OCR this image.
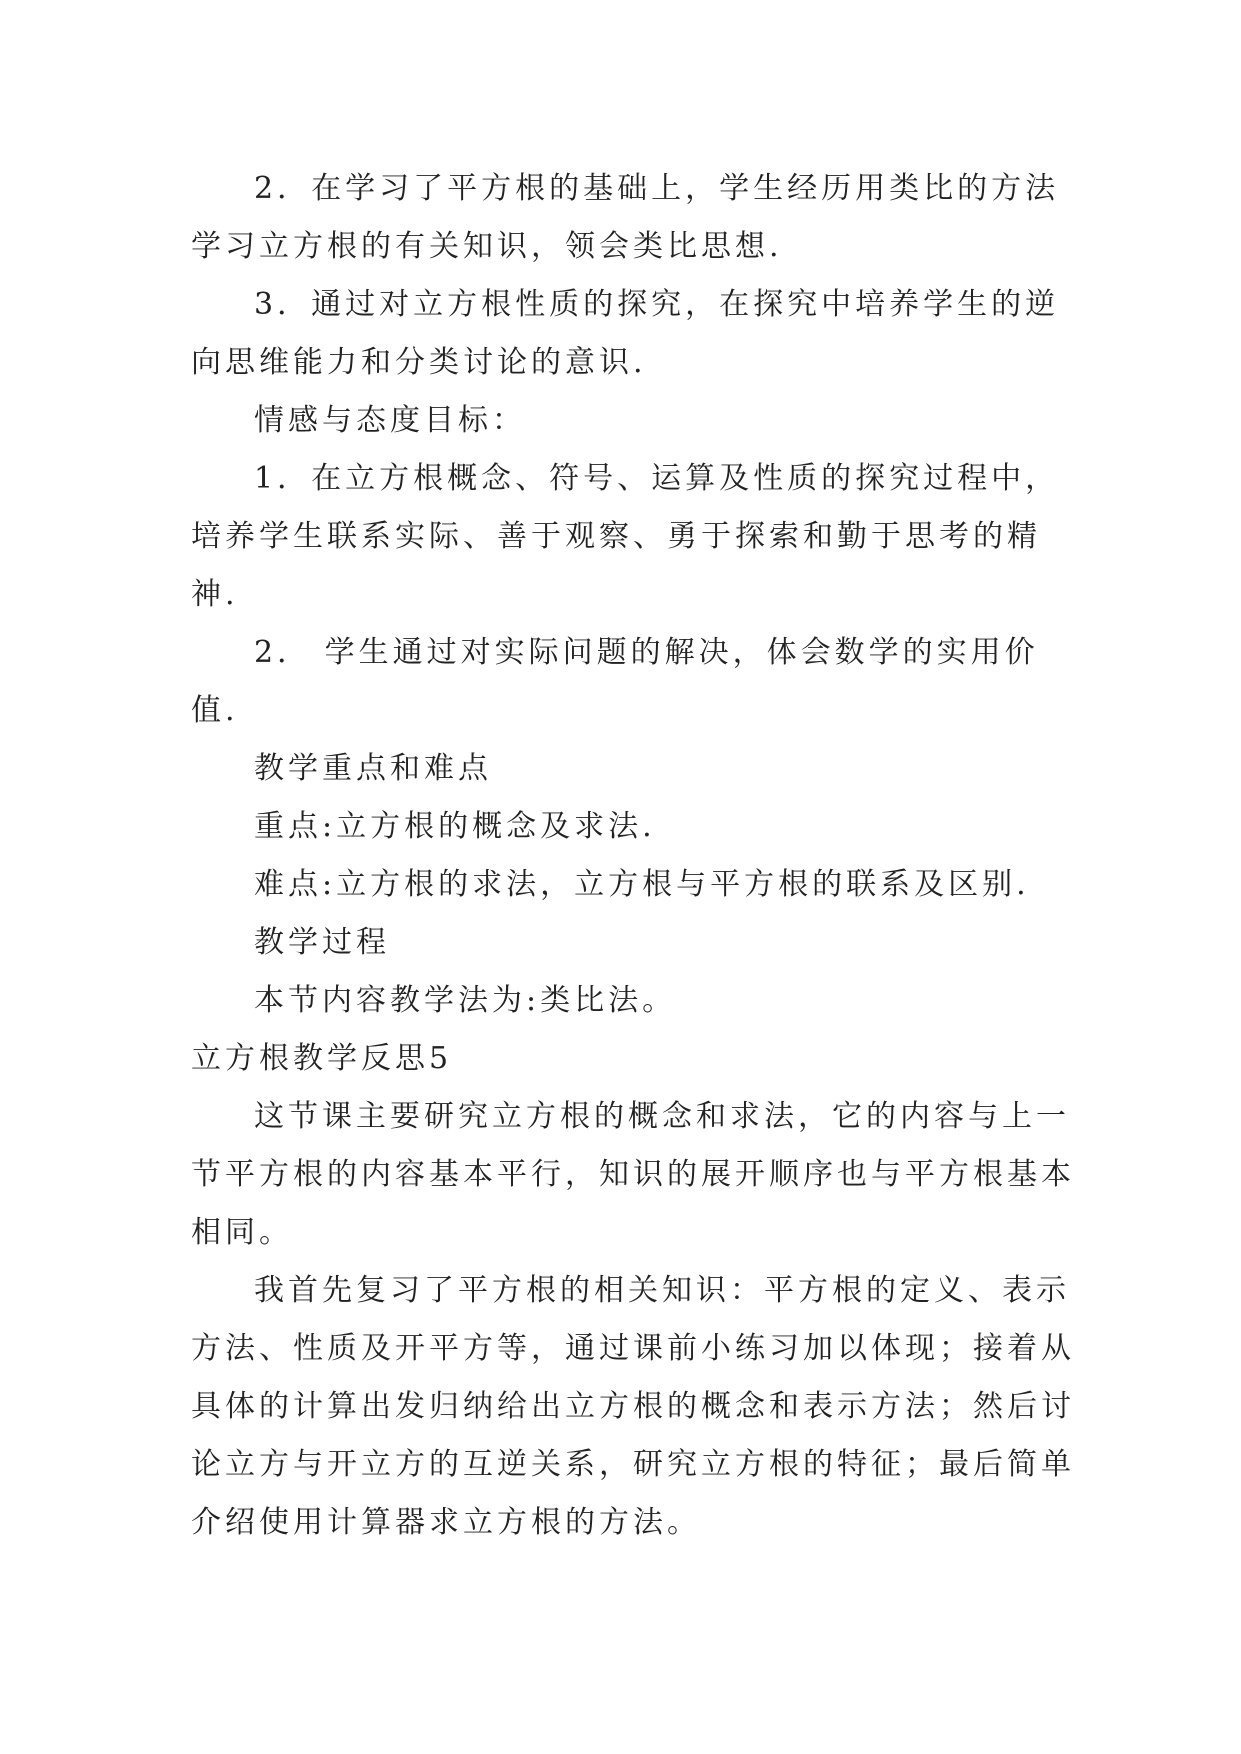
2．在学习了平方根的基础上，学生经历用类比的方法
学习立方根的有关知识，领会类比思想.
3．通过对立方根性质的探究，在探究中培养学生的逆
向思维能力和分类讨论的意识.
情感与态度目标：
1．在立方根概念、符号、运算及性质的探究过程中，
培养学生联系实际、善于观察、勇于探索和勤于思考的精
神.
2． 学生通过对实际问题的解决，体会数学的实用价
值.
教学重点和难点
重点:立方根的概念及求法.
难点:立方根的求法，立方根与平方根的联系及区别.
教学过程
本节内容教学法为:类比法。
立方根教学反思5
这节课主要研究立方根的概念和求法，它的内容与上一
节平方根的内容基本平行，知识的展开顺序也与平方根基本
相同。
我首先复习了平方根的相关知识：平方根的定义、表示
方法、性质及开平方等，通过课前小练习加以体现；接着从
具体的计算出发归纳给出立方根的概念和表示方法；然后讨
论立方与开立方的互逆关系，研究立方根的特征；最后简单
介绍使用计算器求立方根的方法。
